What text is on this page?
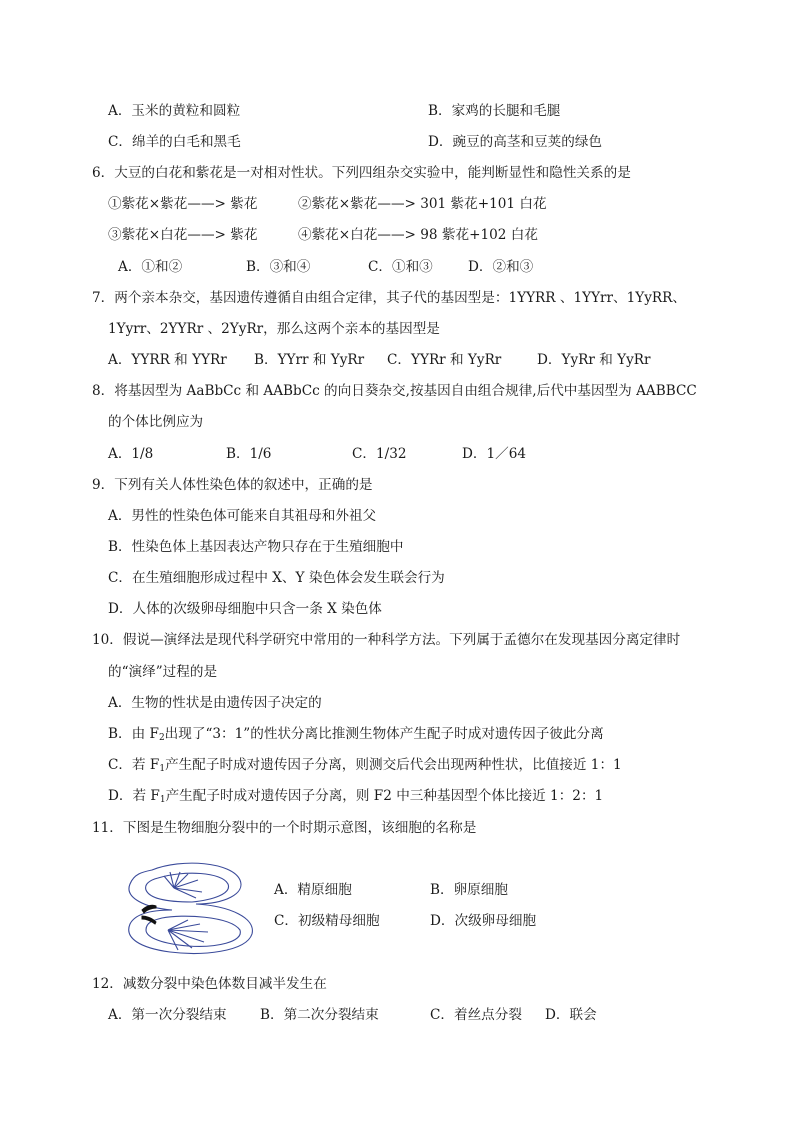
A．玉米的黄粒和圆粒	B．家鸡的长腿和毛腿
C．绵羊的白毛和黑毛	D．豌豆的高茎和豆荚的绿色
6．大豆的白花和紫花是一对相对性状。下列四组杂交实验中，能判断显性和隐性关系的是
①紫花×紫花——> 紫花	②紫花×紫花——> 301 紫花+101 白花
③紫花×白花——> 紫花	④紫花×白花——> 98 紫花+102 白花
A．①和②	B．③和④	C．①和③	D．②和③
7．两个亲本杂交，基因遗传遵循自由组合定律，其子代的基因型是：1YYRR 、1YYrr、1YyRR、
1Yyrr、2YYRr 、2YyRr，那么这两个亲本的基因型是
A．YYRR 和 YYRr B．YYrr 和 YyRr C．YYRr 和 YyRr	D．YyRr 和 YyRr
8．将基因型为 AaBbCc 和 AABbCc 的向日葵杂交,按基因自由组合规律,后代中基因型为 AABBCC
的个体比例应为
A．1/8	B．1/6	C．1/32	D．1／64
9．下列有关人体性染色体的叙述中，正确的是
A．男性的性染色体可能来自其祖母和外祖父
B．性染色体上基因表达产物只存在于生殖细胞中
C．在生殖细胞形成过程中 X、Y 染色体会发生联会行为
D．人体的次级卵母细胞中只含一条 X 染色体
10．假说—演绎法是现代科学研究中常用的一种科学方法。下列属于孟德尔在发现基因分离定律时
的“演绎”过程的是
A．生物的性状是由遗传因子决定的
B．由 $F_2$出现了“3：1”的性状分离比推测生物体产生配子时成对遗传因子彼此分离
C．若 $F_1$产生配子时成对遗传因子分离，则测交后代会出现两种性状，比值接近 1：1
D．若 $F_1$产生配子时成对遗传因子分离，则 F2 中三种基因型个体比接近 1：2：1
11．下图是生物细胞分裂中的一个时期示意图，该细胞的名称是
A．精原细胞	B．卵原细胞
C．初级精母细胞	D．次级卵母细胞
12．减数分裂中染色体数目减半发生在
A．第一次分裂结束 B．第二次分裂结束	C．着丝点分裂 D．联会
